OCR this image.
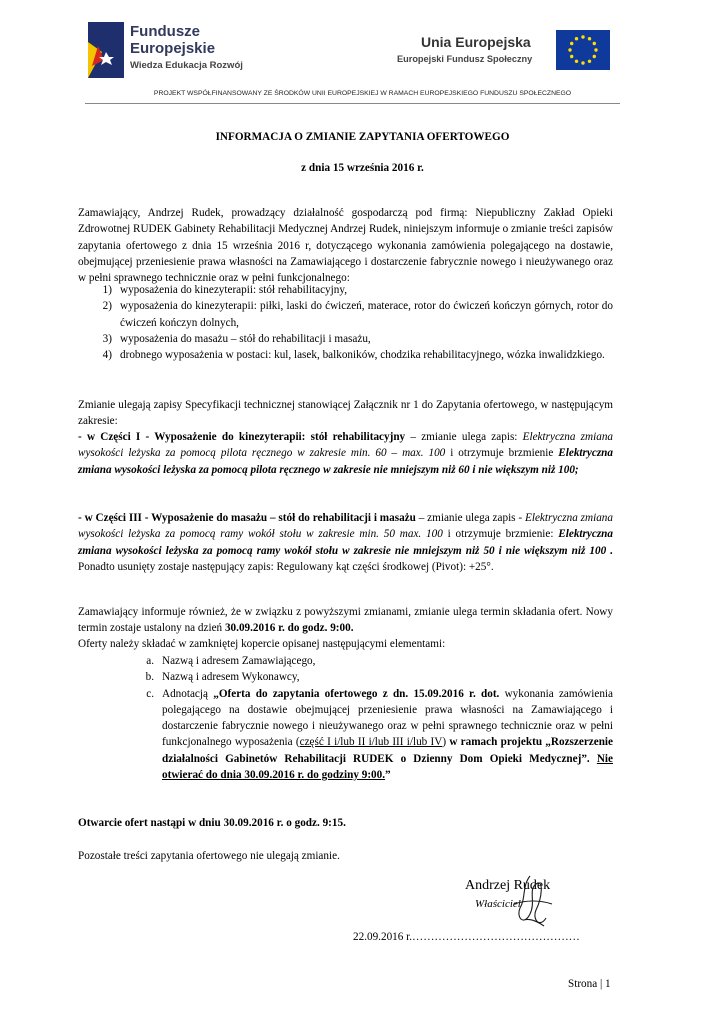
Fundusze
Europejskie
Wiedza Edukacja Rozwój
Unia Europejska
Europejski Fundusz Społeczny
PROJEKT WSPÓŁFINANSOWANY ZE ŚRODKÓW UNII EUROPEJSKIEJ W RAMACH EUROPEJSKIEGO FUNDUSZU SPOŁECZNEGO
INFORMACJA O ZMIANIE ZAPYTANIA OFERTOWEGO
z dnia 15 września 2016 r.
Zamawiający, Andrzej Rudek, prowadzący działalność gospodarczą pod firmą: Niepubliczny Zakład Opieki Zdrowotnej RUDEK Gabinety Rehabilitacji Medycznej Andrzej Rudek, niniejszym informuje o zmianie treści zapisów zapytania ofertowego z dnia 15 września 2016 r, dotyczącego wykonania zamówienia polegającego na dostawie, obejmującej przeniesienie prawa własności na Zamawiającego i dostarczenie fabrycznie nowego i nieużywanego oraz w pełni sprawnego technicznie oraz w pełni funkcjonalnego:
1) wyposażenia do kinezyterapii: stół rehabilitacyjny,
2) wyposażenia do kinezyterapii: piłki, laski do ćwiczeń, materace, rotor do ćwiczeń kończyn górnych, rotor do ćwiczeń kończyn dolnych,
3) wyposażenia do masażu – stół do rehabilitacji i masażu,
4) drobnego wyposażenia w postaci: kul, lasek, balkoników, chodzika rehabilitacyjnego, wózka inwalidzkiego.
Zmianie ulegają zapisy Specyfikacji technicznej stanowiącej Załącznik nr 1 do Zapytania ofertowego, w następującym zakresie:
- w Części I - Wyposażenie do kinezyterapii: stół rehabilitacyjny – zmianie ulega zapis: Elektryczna zmiana wysokości leżyska za pomocą pilota ręcznego w zakresie min. 60 – max. 100 i otrzymuje brzmienie Elektryczna zmiana wysokości leżyska za pomocą pilota ręcznego w zakresie nie mniejszym niż 60 i nie większym niż 100;
- w Części III - Wyposażenie do masażu – stół do rehabilitacji i masażu – zmianie ulega zapis - Elektryczna zmiana wysokości leżyska za pomocą ramy wokół stołu w zakresie min. 50 max. 100 i otrzymuje brzmienie: Elektryczna zmiana wysokości leżyska za pomocą ramy wokół stołu w zakresie nie mniejszym niż 50 i nie większym niż 100 . Ponadto usunięty zostaje następujący zapis: Regulowany kąt części środkowej (Pivot): +25°.
Zamawiający informuje również, że w związku z powyższymi zmianami, zmianie ulega termin składania ofert. Nowy termin zostaje ustalony na dzień 30.09.2016 r. do godz. 9:00.
Oferty należy składać w zamkniętej kopercie opisanej następującymi elementami:
a. Nazwą i adresem Zamawiającego,
b. Nazwą i adresem Wykonawcy,
c. Adnotacją „Oferta do zapytania ofertowego z dn. 15.09.2016 r. dot. wykonania zamówienia polegającego na dostawie obejmującej przeniesienie prawa własności na Zamawiającego i dostarczenie fabrycznie nowego i nieużywanego oraz w pełni sprawnego technicznie oraz w pełni funkcjonalnego wyposażenia (część I i/lub II i/lub III i/lub IV) w ramach projektu „Rozszerzenie działalności Gabinetów Rehabilitacji RUDEK o Dzienny Dom Opieki Medycznej”. Nie otwierać do dnia 30.09.2016 r. do godziny 9:00.”
Otwarcie ofert nastąpi w dniu 30.09.2016 r. o godz. 9:15.
Pozostałe treści zapytania ofertowego nie ulegają zmianie.
Andrzej Rudek
Właściciel
22.09.2016 r.………………………………………
Strona | 1
